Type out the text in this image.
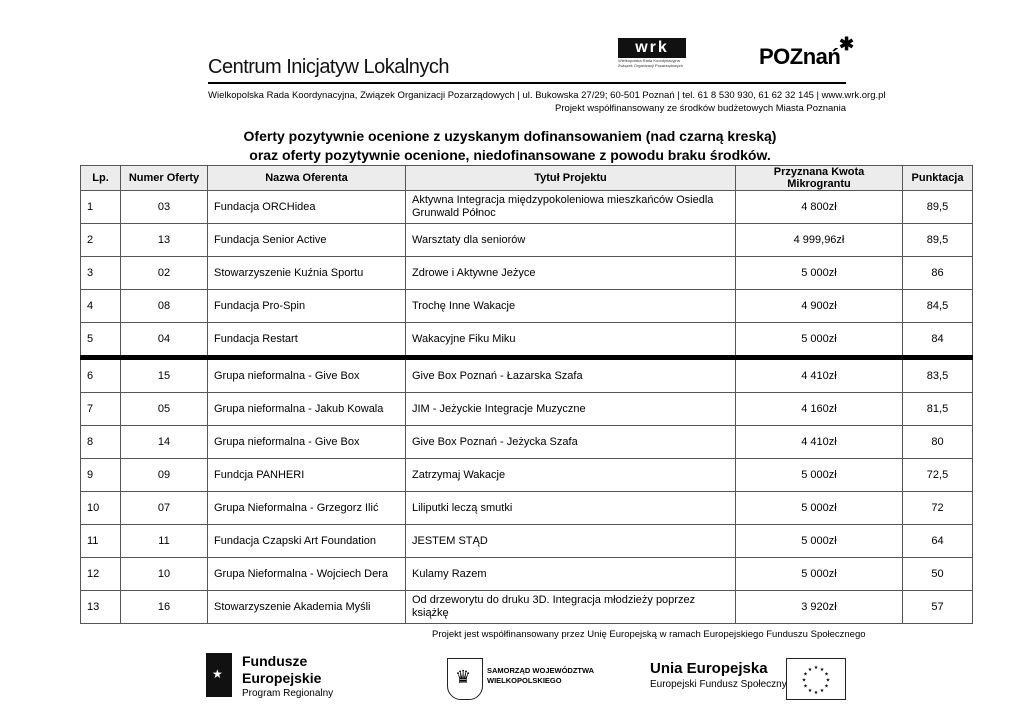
Centrum Inicjatyw Lokalnych
wrk
Wielkopolska Rada Koordynacyjna
Związek Organizacji Pozarządowych	POZnań
✱
Wielkopolska Rada Koordynacyjna, Związek Organizacji Pozarządowych | ul. Bukowska 27/29; 60-501 Poznań | tel. 61 8 530 930, 61 62 32 145 | www.wrk.org.pl
Projekt współfinansowany ze środków budżetowych Miasta Poznania
Oferty pozytywnie ocenione z uzyskanym dofinansowaniem (nad czarną kreską)
oraz oferty pozytywnie ocenione, niedofinansowane z powodu braku środków.
Lp.	Numer Oferty	Nazwa Oferenta	Tytuł Projektu	Przyznana Kwota Mikrograntu	Punktacja
1	03	Fundacja ORCHidea	Aktywna Integracja międzypokoleniowa mieszkańców Osiedla Grunwald Północ	4 800zł	89,5
2	13	Fundacja Senior Active	Warsztaty dla seniorów	4 999,96zł	89,5
3	02	Stowarzyszenie Kuźnia Sportu	Zdrowe i Aktywne Jeżyce	5 000zł	86
4	08	Fundacja Pro-Spin	Trochę Inne Wakacje	4 900zł	84,5
5	04	Fundacja Restart	Wakacyjne Fiku Miku	5 000zł	84
6	15	Grupa nieformalna - Give Box	Give Box Poznań - Łazarska Szafa	4 410zł	83,5
7	05	Grupa nieformalna - Jakub Kowala	JIM - Jeżyckie Integracje Muzyczne	4 160zł	81,5
8	14	Grupa nieformalna - Give Box	Give Box Poznań - Jeżycka Szafa	4 410zł	80
9	09	Fundcja PANHERI	Zatrzymaj Wakacje	5 000zł	72,5
10	07	Grupa Nieformalna - Grzegorz Ilić	Liliputki leczą smutki	5 000zł	72
11	11	Fundacja Czapski Art Foundation	JESTEM STĄD	5 000zł	64
12	10	Grupa Nieformalna - Wojciech Dera	Kulamy Razem	5 000zł	50
13	16	Stowarzyszenie Akademia Myśli	Od drzeworytu do druku 3D. Integracja młodzieży poprzez książkę	3 920zł	57
Projekt jest współfinansowany przez Unię Europejską w ramach Europejskiego Funduszu Społecznego
★
Fundusze
Europejskie
Program Regionalny
♛ SAMORZĄD WOJEWÓDZTWA
WIELKOPOLSKIEGO
Unia Europejska
Europejski Fundusz Społeczny
★ ★
★
★
★
★
★
★
★
★
★
★
